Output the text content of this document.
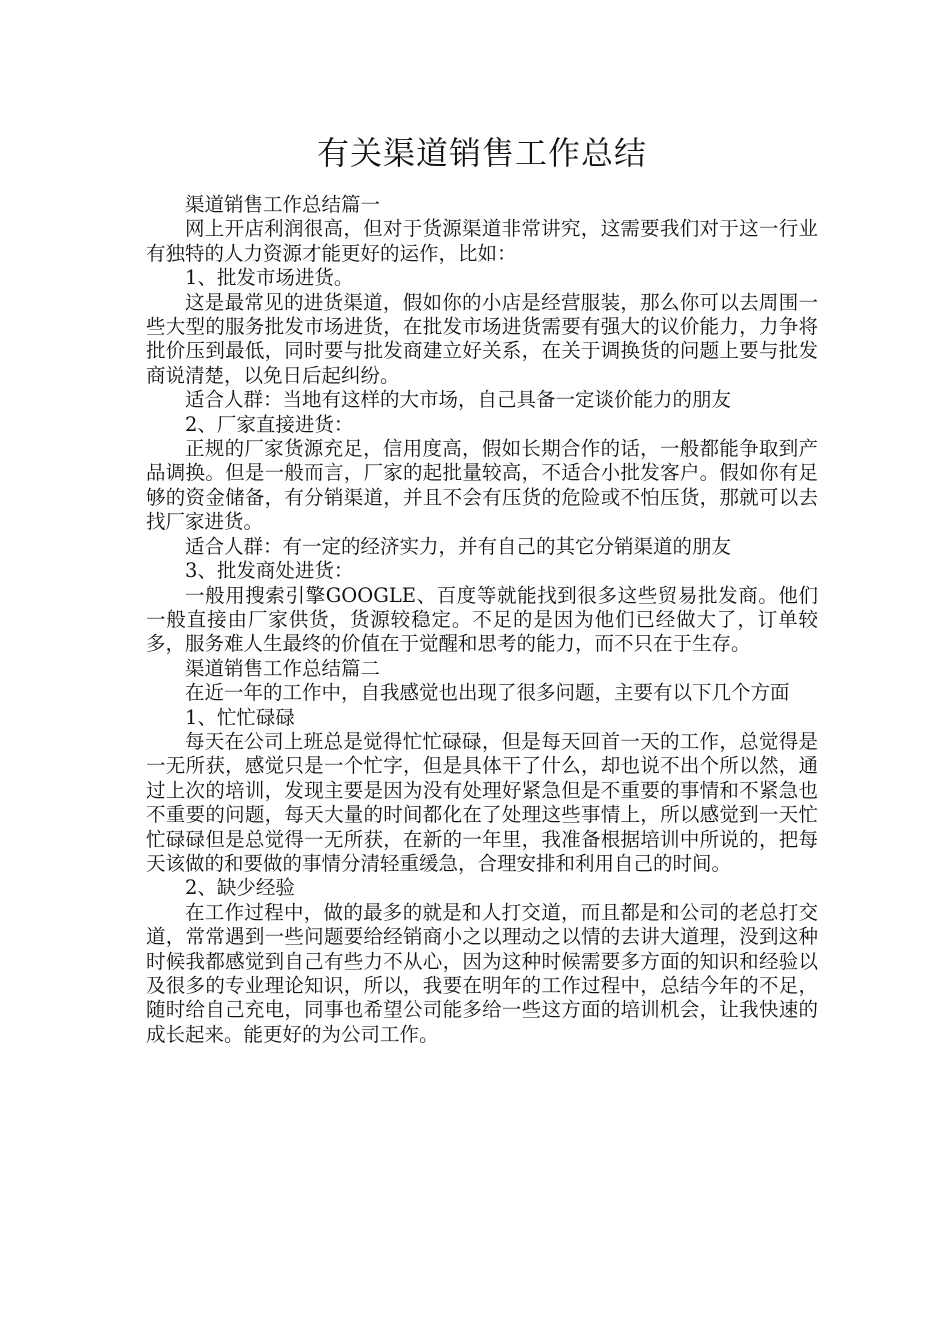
有关渠道销售工作总结

渠道销售工作总结篇一

网上开店利润很高，但对于货源渠道非常讲究，这需要我们对于这一行业有独特的人力资源才能更好的运作，比如：

1、批发市场进货。

这是最常见的进货渠道，假如你的小店是经营服装，那么你可以去周围一些大型的服务批发市场进货，在批发市场进货需要有强大的议价能力，力争将批价压到最低，同时要与批发商建立好关系，在关于调换货的问题上要与批发商说清楚，以免日后起纠纷。

适合人群：当地有这样的大市场，自己具备一定谈价能力的朋友

2、厂家直接进货：

正规的厂家货源充足，信用度高，假如长期合作的话，一般都能争取到产品调换。但是一般而言，厂家的起批量较高，不适合小批发客户。假如你有足够的资金储备，有分销渠道，并且不会有压货的危险或不怕压货，那就可以去找厂家进货。

适合人群：有一定的经济实力，并有自己的其它分销渠道的朋友

3、批发商处进货：

一般用搜索引擎GOOGLE、百度等就能找到很多这些贸易批发商。他们一般直接由厂家供货，货源较稳定。不足的是因为他们已经做大了，订单较多，服务难人生最终的价值在于觉醒和思考的能力，而不只在于生存。

渠道销售工作总结篇二

在近一年的工作中，自我感觉也出现了很多问题，主要有以下几个方面

1、忙忙碌碌

每天在公司上班总是觉得忙忙碌碌，但是每天回首一天的工作，总觉得是一无所获，感觉只是一个忙字，但是具体干了什么，却也说不出个所以然，通过上次的培训，发现主要是因为没有处理好紧急但是不重要的事情和不紧急也不重要的问题，每天大量的时间都化在了处理这些事情上，所以感觉到一天忙忙碌碌但是总觉得一无所获，在新的一年里，我准备根据培训中所说的，把每天该做的和要做的事情分清轻重缓急，合理安排和利用自己的时间。

2、缺少经验

在工作过程中，做的最多的就是和人打交道，而且都是和公司的老总打交道，常常遇到一些问题要给经销商小之以理动之以情的去讲大道理，没到这种时候我都感觉到自己有些力不从心，因为这种时候需要多方面的知识和经验以及很多的专业理论知识，所以，我要在明年的工作过程中，总结今年的不足，随时给自己充电，同事也希望公司能多给一些这方面的培训机会，让我快速的成长起来。能更好的为公司工作。
